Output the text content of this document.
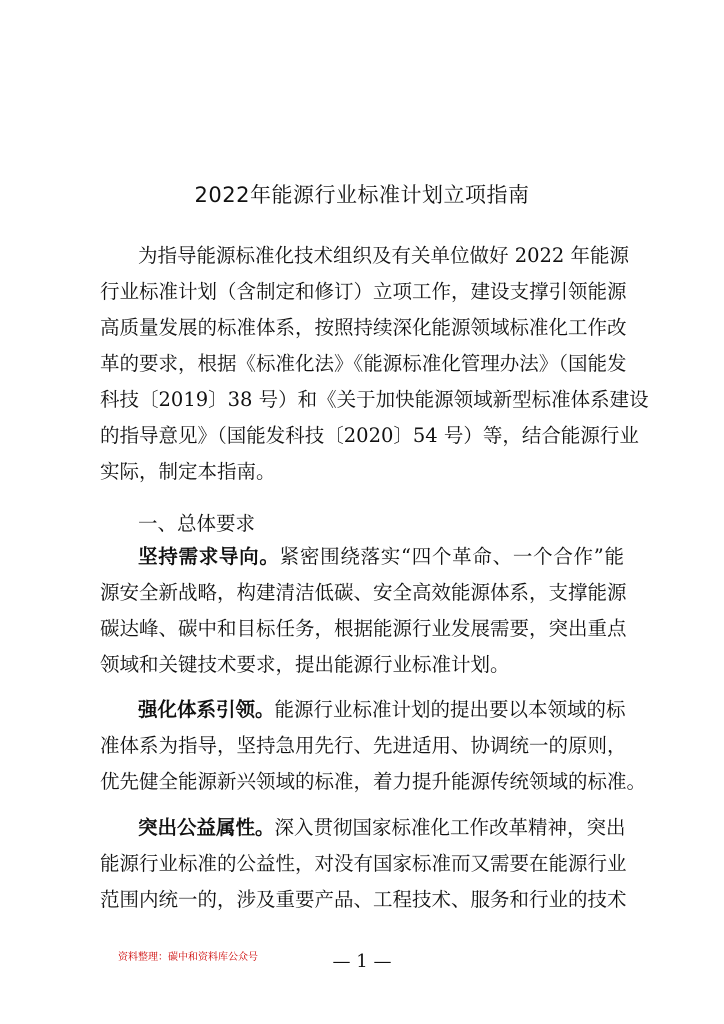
2022年能源行业标准计划立项指南
为指导能源标准化技术组织及有关单位做好 2022 年能源
行业标准计划（含制定和修订）立项工作，建设支撑引领能源
高质量发展的标准体系，按照持续深化能源领域标准化工作改
革的要求，根据《标准化法》《能源标准化管理办法》（国能发
科技〔2019〕38 号）和《关于加快能源领域新型标准体系建设
的指导意见》（国能发科技〔2020〕54 号）等，结合能源行业
实际，制定本指南。
一、总体要求
坚持需求导向。紧密围绕落实“四个革命、一个合作”能
源安全新战略，构建清洁低碳、安全高效能源体系，支撑能源
碳达峰、碳中和目标任务，根据能源行业发展需要，突出重点
领域和关键技术要求，提出能源行业标准计划。
强化体系引领。能源行业标准计划的提出要以本领域的标
准体系为指导，坚持急用先行、先进适用、协调统一的原则，
优先健全能源新兴领域的标准，着力提升能源传统领域的标准。
突出公益属性。深入贯彻国家标准化工作改革精神，突出
能源行业标准的公益性，对没有国家标准而又需要在能源行业
范围内统一的，涉及重要产品、工程技术、服务和行业的技术
资料整理：碳中和资料库公众号	— 1 —
